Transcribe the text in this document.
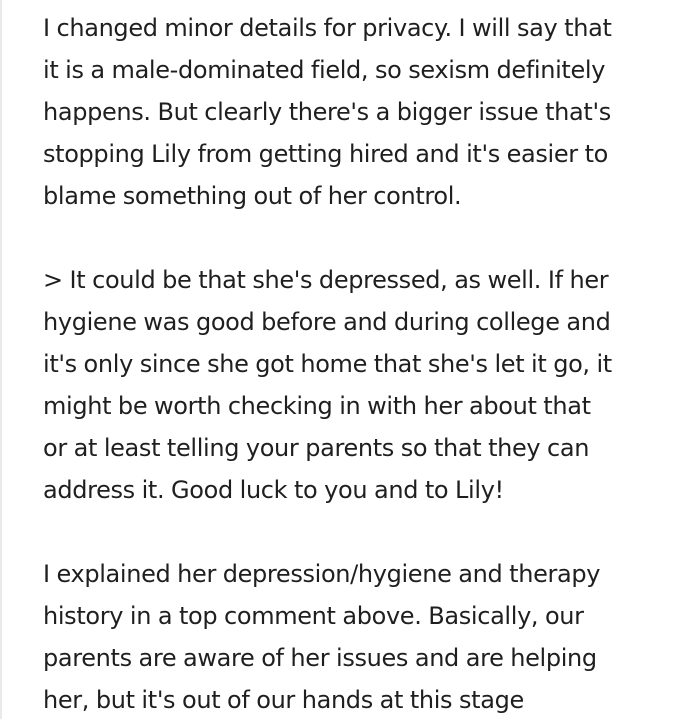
I changed minor details for privacy. I will say that
it is a male-dominated field, so sexism definitely
happens. But clearly there's a bigger issue that's
stopping Lily from getting hired and it's easier to
blame something out of her control.

> It could be that she's depressed, as well. If her
hygiene was good before and during college and
it's only since she got home that she's let it go, it
might be worth checking in with her about that
or at least telling your parents so that they can
address it. Good luck to you and to Lily!

I explained her depression/hygiene and therapy
history in a top comment above. Basically, our
parents are aware of her issues and are helping
her, but it's out of our hands at this stage
